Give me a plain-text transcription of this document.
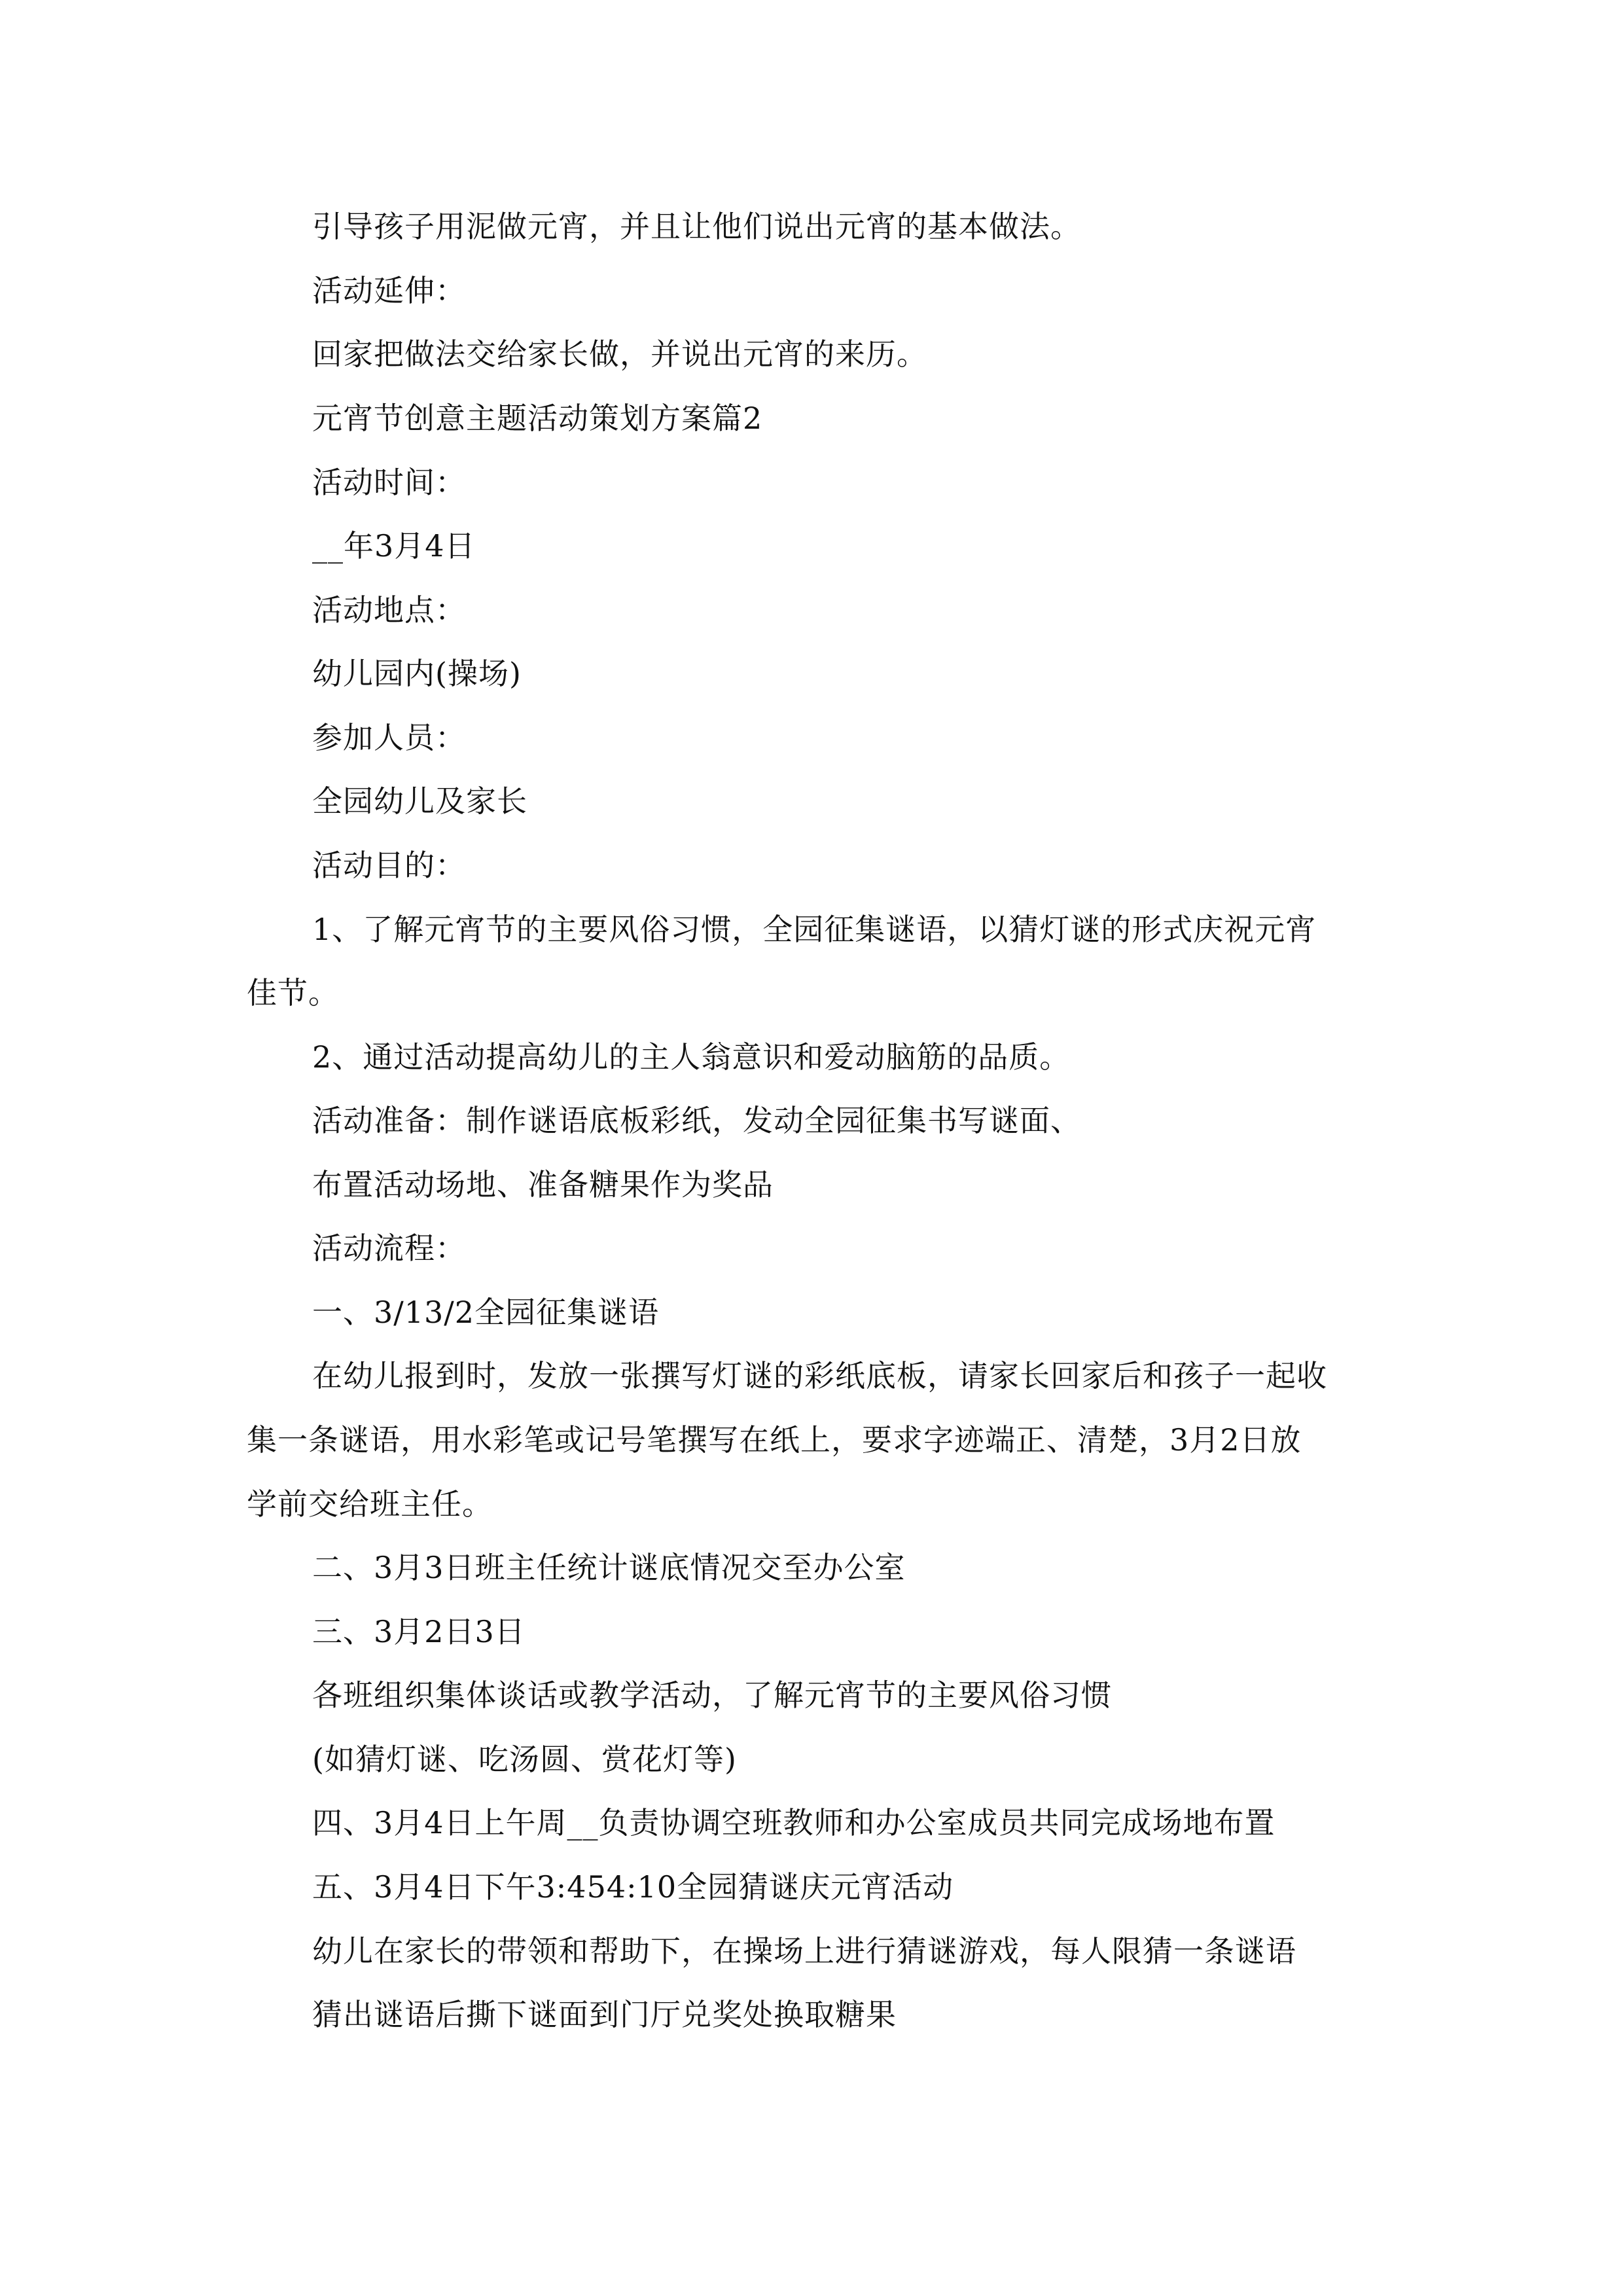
引导孩子用泥做元宵，并且让他们说出元宵的基本做法。

活动延伸：

回家把做法交给家长做，并说出元宵的来历。

元宵节创意主题活动策划方案篇2

活动时间：

__年3月4日

活动地点：

幼儿园内(操场)

参加人员：

全园幼儿及家长

活动目的：

1、了解元宵节的主要风俗习惯，全园征集谜语，以猜灯谜的形式庆祝元宵

佳节。

2、通过活动提高幼儿的主人翁意识和爱动脑筋的品质。

活动准备：制作谜语底板彩纸，发动全园征集书写谜面、

布置活动场地、准备糖果作为奖品

活动流程：

一、3/13/2全园征集谜语

在幼儿报到时，发放一张撰写灯谜的彩纸底板，请家长回家后和孩子一起收

集一条谜语，用水彩笔或记号笔撰写在纸上，要求字迹端正、清楚，3月2日放

学前交给班主任。

二、3月3日班主任统计谜底情况交至办公室

三、3月2日3日

各班组织集体谈话或教学活动，了解元宵节的主要风俗习惯

(如猜灯谜、吃汤圆、赏花灯等)

四、3月4日上午周__负责协调空班教师和办公室成员共同完成场地布置

五、3月4日下午3:454:10全园猜谜庆元宵活动

幼儿在家长的带领和帮助下，在操场上进行猜谜游戏，每人限猜一条谜语

猜出谜语后撕下谜面到门厅兑奖处换取糖果
